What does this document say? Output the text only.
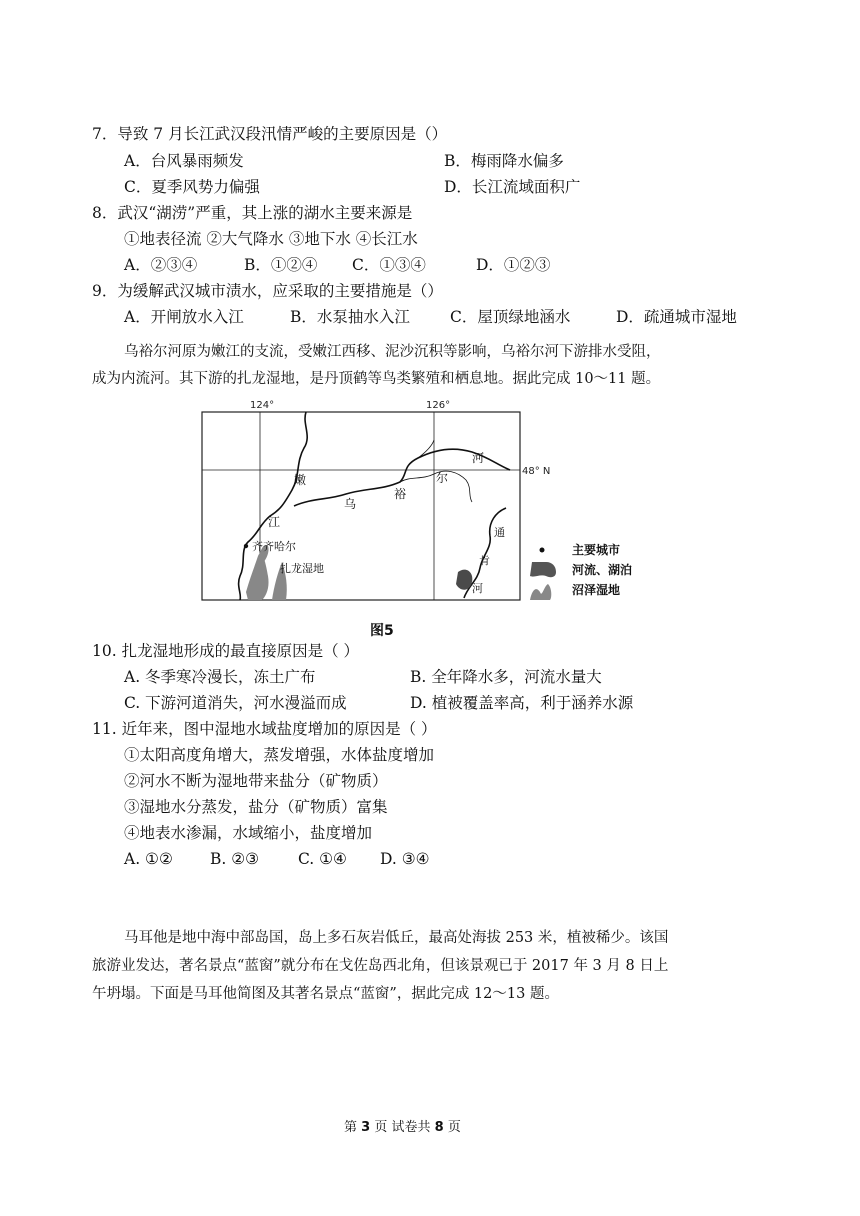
7．导致 7 月长江武汉段汛情严峻的主要原因是（）
A．台风暴雨频发	B．梅雨降水偏多
C．夏季风势力偏强	D．长江流域面积广
8．武汉“湖涝”严重，其上涨的湖水主要来源是
①地表径流 ②大气降水 ③地下水 ④长江水
A．②③④	B．①②④ C．①③④	D．①②③
9．为缓解武汉城市渍水，应采取的主要措施是（）
A．开闸放水入江	B．水泵抽水入江	C．屋顶绿地涵水	D．疏通城市湿地
乌裕尔河原为嫩江的支流，受嫩江西移、泥沙沉积等影响，乌裕尔河下游排水受阻，
成为内流河。其下游的扎龙湿地，是丹顶鹤等鸟类繁殖和栖息地。据此完成 10～11 题。
124°	126°
48° N
嫩
江
乌
裕
尔
河
通
肯
河
齐齐哈尔
扎龙湿地
主要城市
河流、湖泊
沼泽湿地
图5
10. 扎龙湿地形成的最直接原因是（ ）
A. 冬季寒冷漫长，冻土广布	B. 全年降水多，河流水量大
C. 下游河道消失，河水漫溢而成	D. 植被覆盖率高，利于涵养水源
11. 近年来，图中湿地水域盐度增加的原因是（ ）
①太阳高度角增大，蒸发增强，水体盐度增加
②河水不断为湿地带来盐分（矿物质）
③湿地水分蒸发，盐分（矿物质）富集
④地表水渗漏，水域缩小，盐度增加
A. ①② B. ②③	C. ①④ D. ③④
马耳他是地中海中部岛国，岛上多石灰岩低丘，最高处海拔 253 米，植被稀少。该国
旅游业发达，著名景点“蓝窗”就分布在戈佐岛西北角，但该景观已于 2017 年 3 月 8 日上
午坍塌。下面是马耳他简图及其著名景点“蓝窗”，据此完成 12～13 题。
第 3 页 试卷共 8 页
